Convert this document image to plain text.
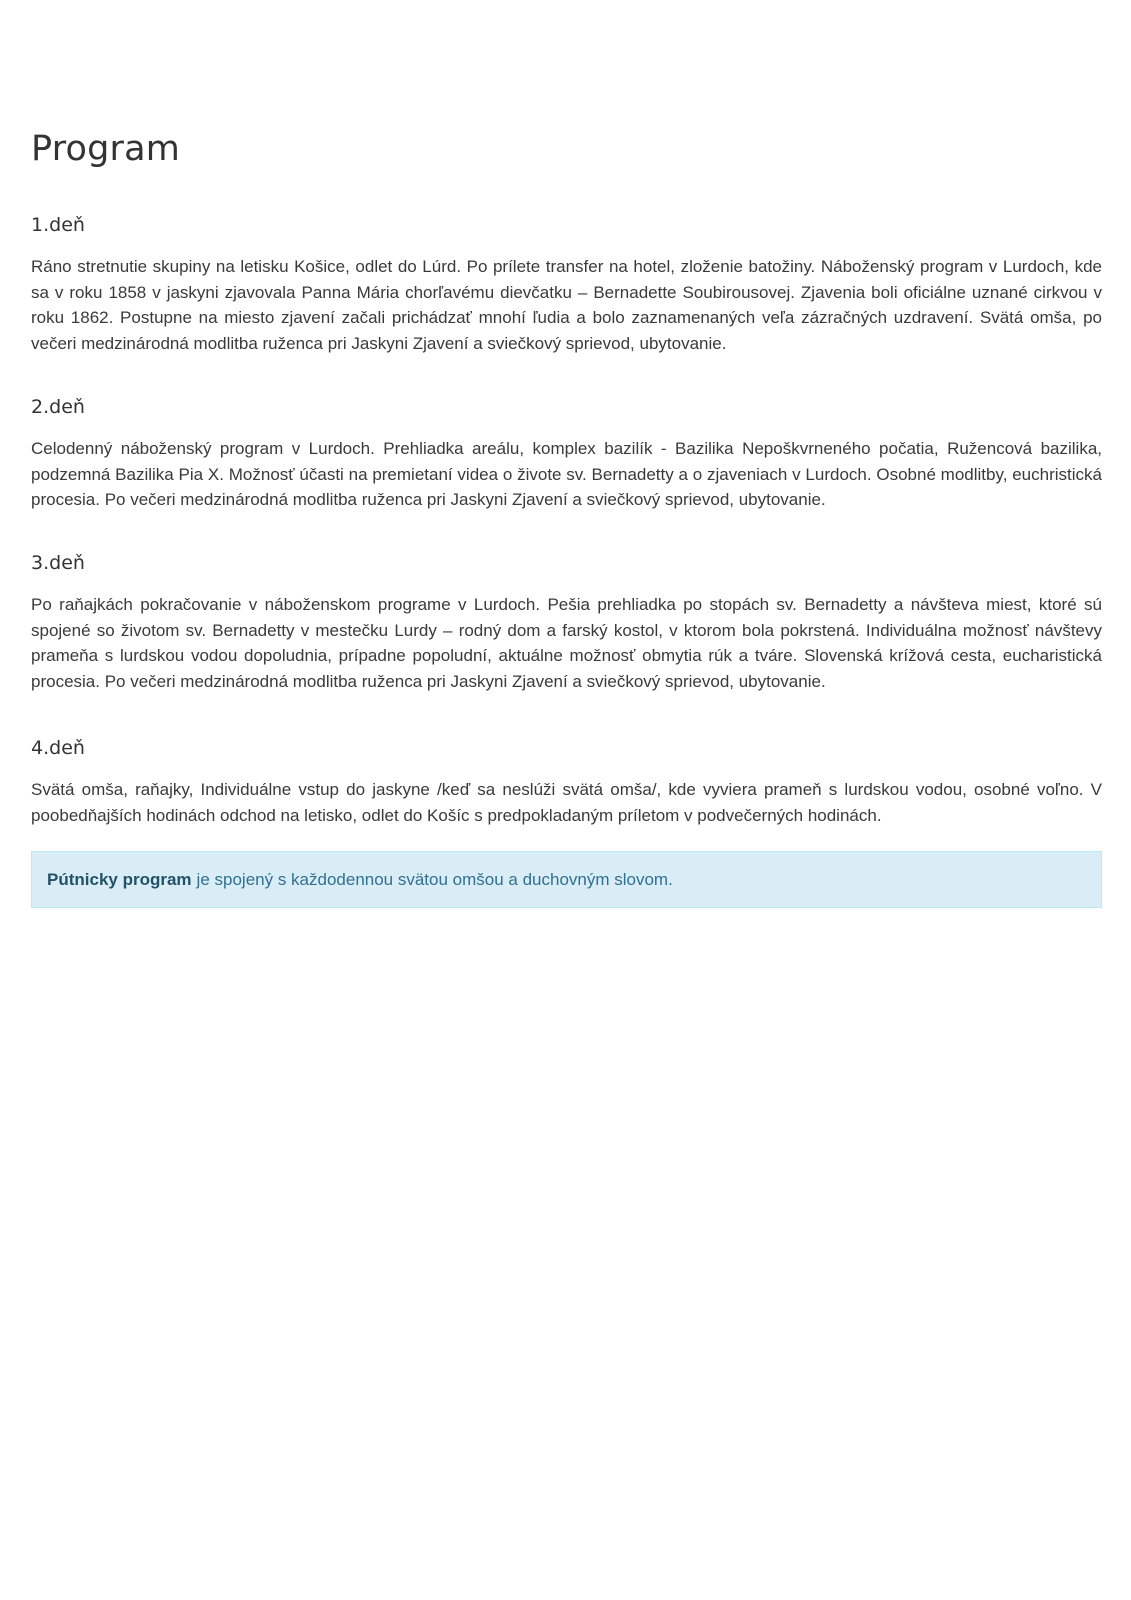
Program
1.deň

Ráno stretnutie skupiny na letisku Košice, odlet do Lúrd. Po prílete transfer na hotel, zloženie batožiny. Náboženský program v Lurdoch, kde sa v roku 1858 v jaskyni zjavovala Panna Mária chorľavému dievčatku – Bernadette Soubirousovej. Zjavenia boli oficiálne uznané cirkvou v roku 1862. Postupne na miesto zjavení začali prichádzať mnohí ľudia a bolo zaznamenaných veľa zázračných uzdravení. Svätá omša, po večeri medzinárodná modlitba ruženca pri Jaskyni Zjavení a sviečkový sprievod, ubytovanie.

2.deň

Celodenný náboženský program v Lurdoch. Prehliadka areálu, komplex bazilík - Bazilika Nepoškvrneného počatia, Ružencová bazilika, podzemná Bazilika Pia X. Možnosť účasti na premietaní videa o živote sv. Bernadetty a o zjaveniach v Lurdoch. Osobné modlitby, euchristická procesia. Po večeri medzinárodná modlitba ruženca pri Jaskyni Zjavení a sviečkový sprievod, ubytovanie.

3.deň

Po raňajkách pokračovanie v náboženskom programe v Lurdoch. Pešia prehliadka po stopách sv. Bernadetty a návšteva miest, ktoré sú spojené so životom sv. Bernadetty v mestečku Lurdy – rodný dom a farský kostol, v ktorom bola pokrstená. Individuálna možnosť návštevy prameňa s lurdskou vodou dopoludnia, prípadne popoludní, aktuálne možnosť obmytia rúk a tváre. Slovenská krížová cesta, eucharistická procesia. Po večeri medzinárodná modlitba ruženca pri Jaskyni Zjavení a sviečkový sprievod, ubytovanie.

4.deň

Svätá omša, raňajky, Individuálne vstup do jaskyne /keď sa neslúži svätá omša/, kde vyviera prameň s lurdskou vodou, osobné voľno. V poobedňajších hodinách odchod na letisko, odlet do Košíc s predpokladaným príletom v podvečerných hodinách.

Pútnicky program je spojený s každodennou svätou omšou a duchovným slovom.
